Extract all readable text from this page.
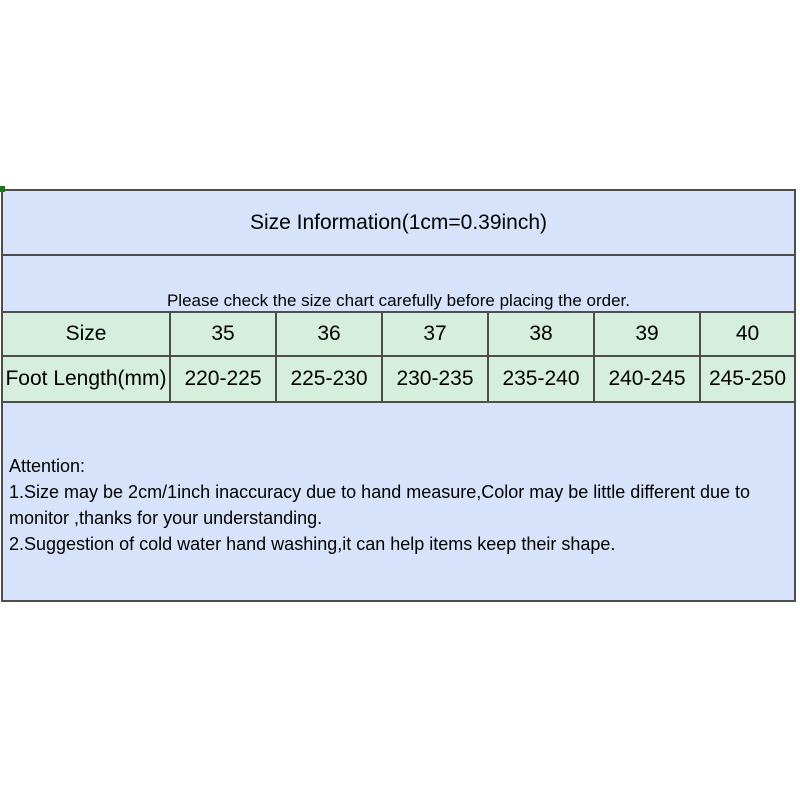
Size Information(1cm=0.39inch)						

Please check the size chart carefully before placing the order.						

Size	35	36	37	38	39	40
Foot Length(mm)	220-225	225-230	230-235	235-240	240-245	245-250

Attention:
1.Size may be 2cm/1inch inaccuracy due to hand measure,Color may be little different due to
monitor ,thanks for your understanding.
2.Suggestion of cold water hand washing,it can help items keep their shape.						
